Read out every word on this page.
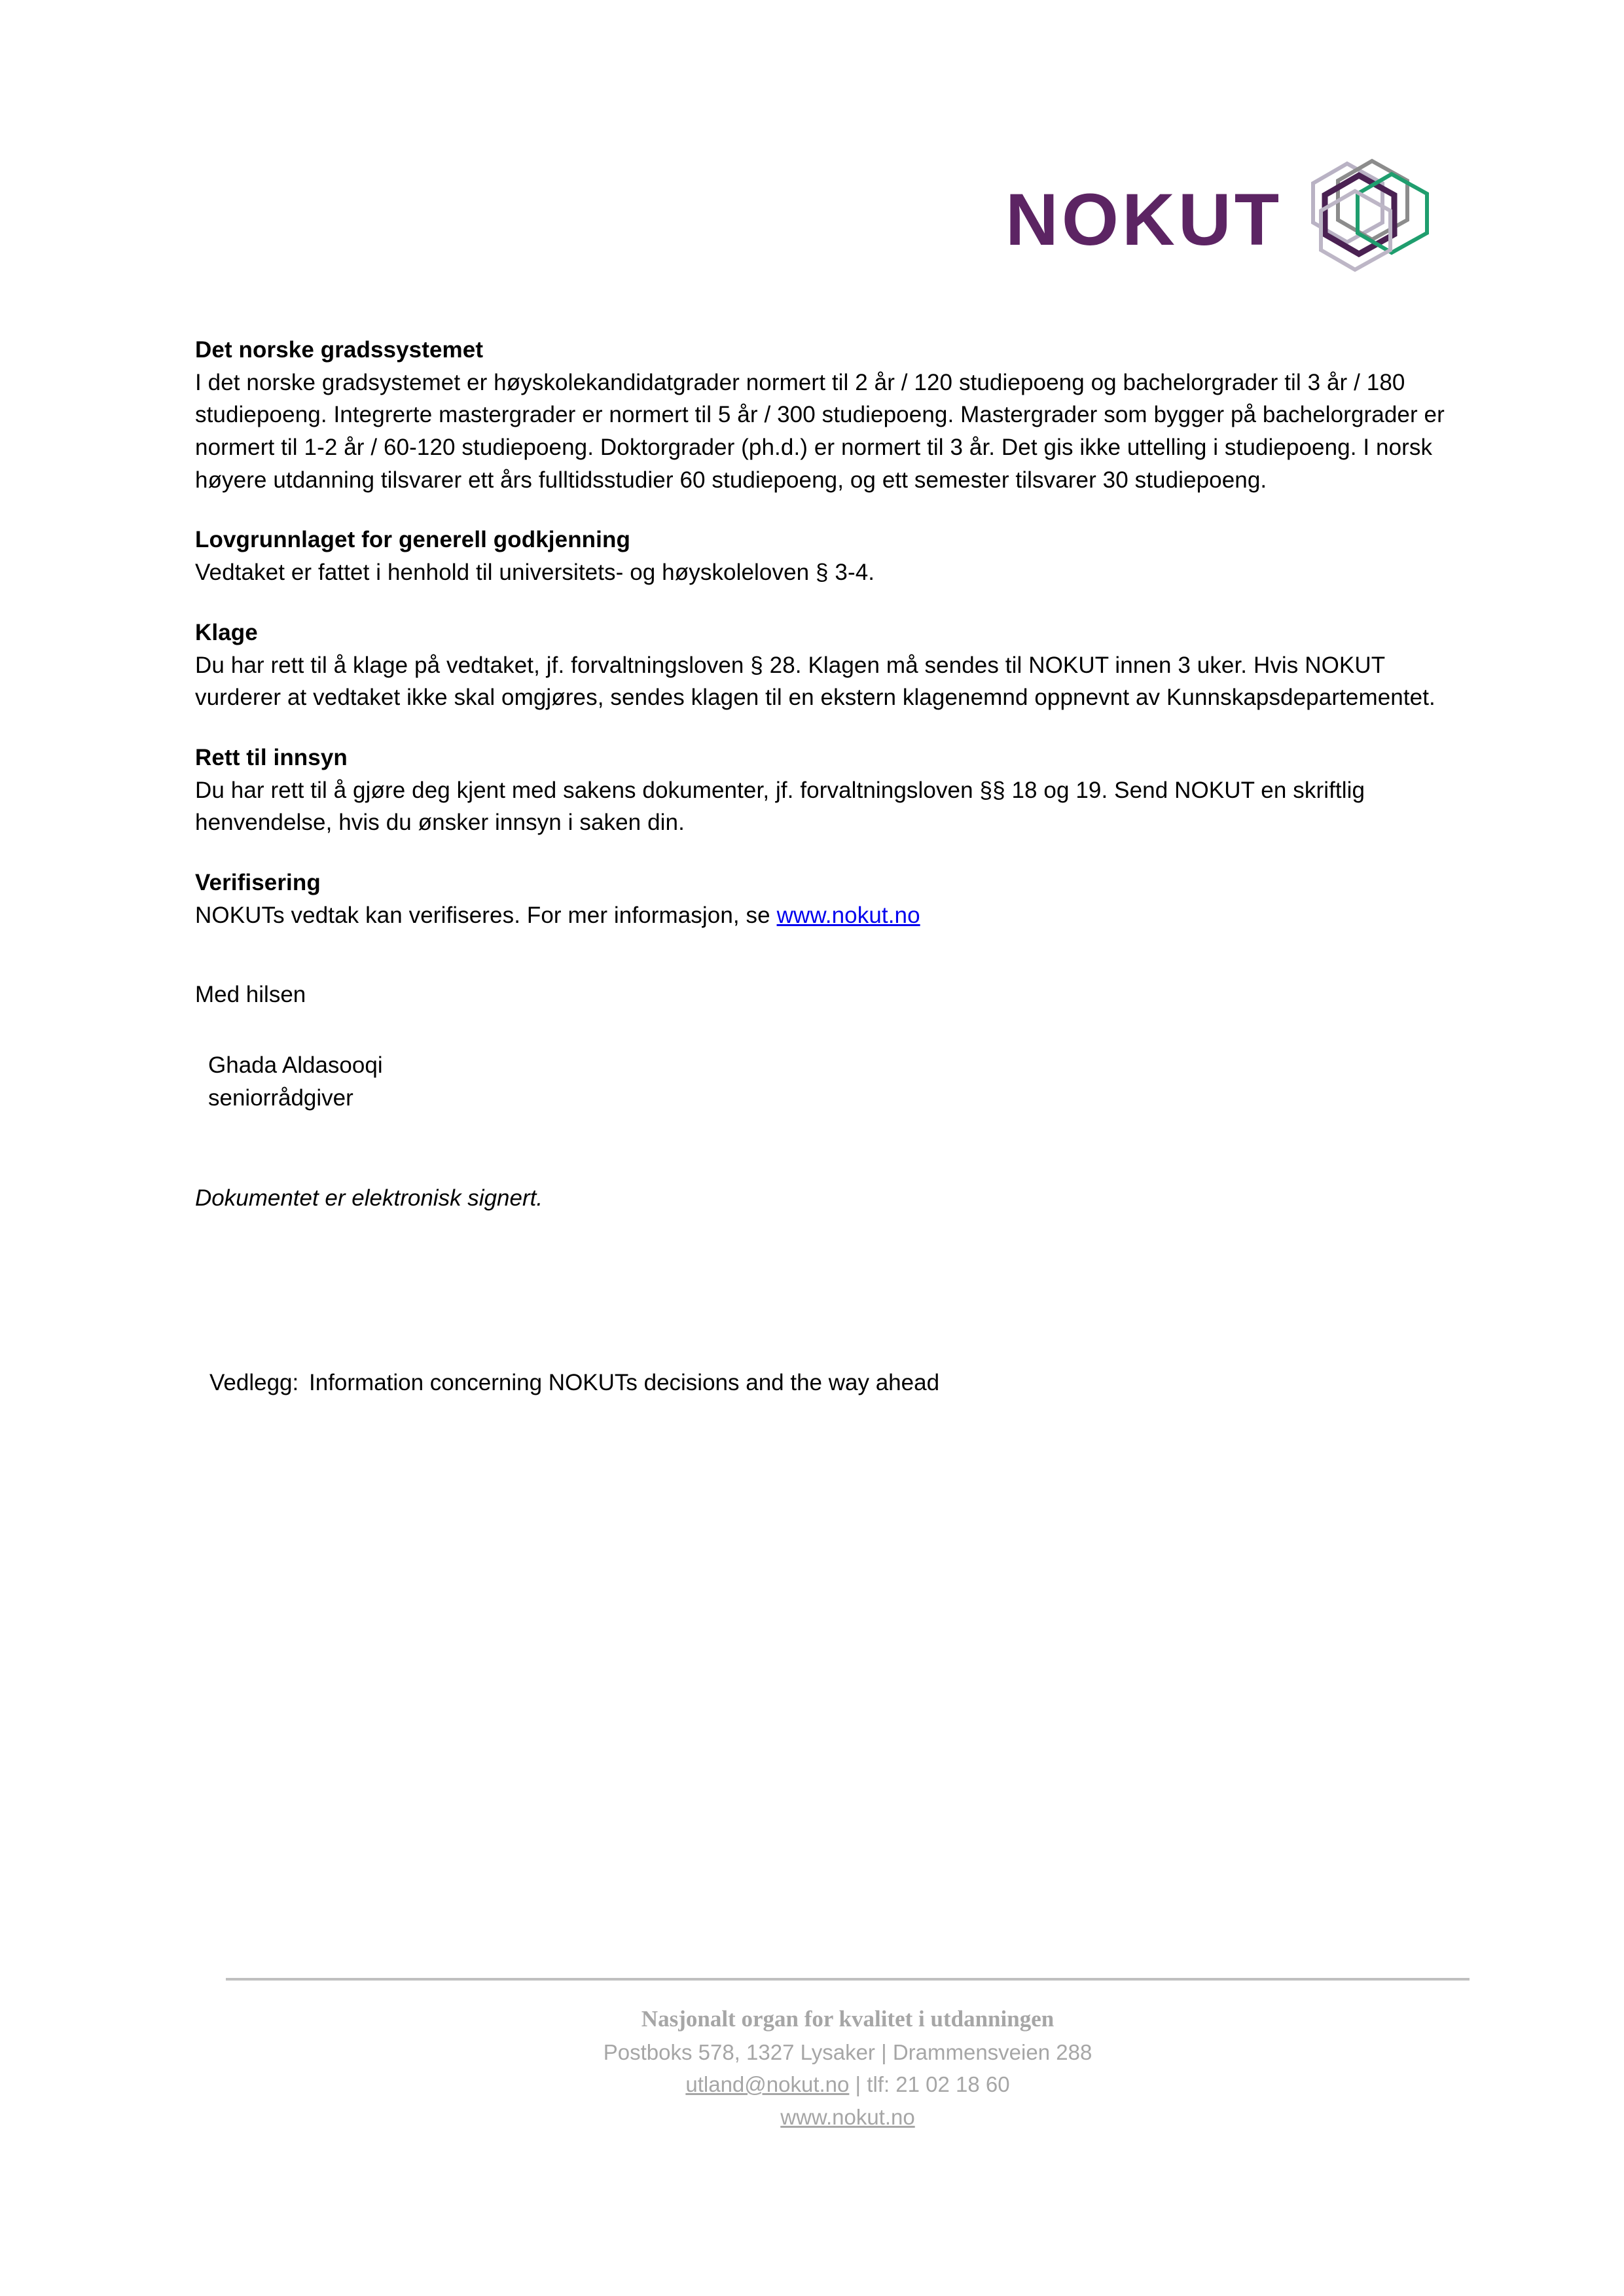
NOKUT

Det norske gradssystemet

I det norske gradsystemet er høyskolekandidatgrader normert til 2 år / 120 studiepoeng og bachelorgrader til 3 år / 180 studiepoeng. Integrerte mastergrader er normert til 5 år / 300 studiepoeng. Mastergrader som bygger på bachelorgrader er normert til 1-2 år / 60-120 studiepoeng. Doktorgrader (ph.d.) er normert til 3 år. Det gis ikke uttelling i studiepoeng. I norsk høyere utdanning tilsvarer ett års fulltidsstudier 60 studiepoeng, og ett semester tilsvarer 30 studiepoeng.

Lovgrunnlaget for generell godkjenning

Vedtaket er fattet i henhold til universitets- og høyskoleloven § 3-4.

Klage

Du har rett til å klage på vedtaket, jf. forvaltningsloven § 28. Klagen må sendes til NOKUT innen 3 uker. Hvis NOKUT vurderer at vedtaket ikke skal omgjøres, sendes klagen til en ekstern klagenemnd oppnevnt av Kunnskapsdepartementet.

Rett til innsyn

Du har rett til å gjøre deg kjent med sakens dokumenter, jf. forvaltningsloven §§ 18 og 19. Send NOKUT en skriftlig henvendelse, hvis du ønsker innsyn i saken din.

Verifisering

NOKUTs vedtak kan verifiseres. For mer informasjon, se www.nokut.no

Med hilsen

Ghada Aldasooqi

seniorrådgiver

Dokumentet er elektronisk signert.

Vedlegg: Information concerning NOKUTs decisions and the way ahead

Nasjonalt organ for kvalitet i utdanningen

Postboks 578, 1327 Lysaker | Drammensveien 288

utland@nokut.no | tlf: 21 02 18 60

www.nokut.no
